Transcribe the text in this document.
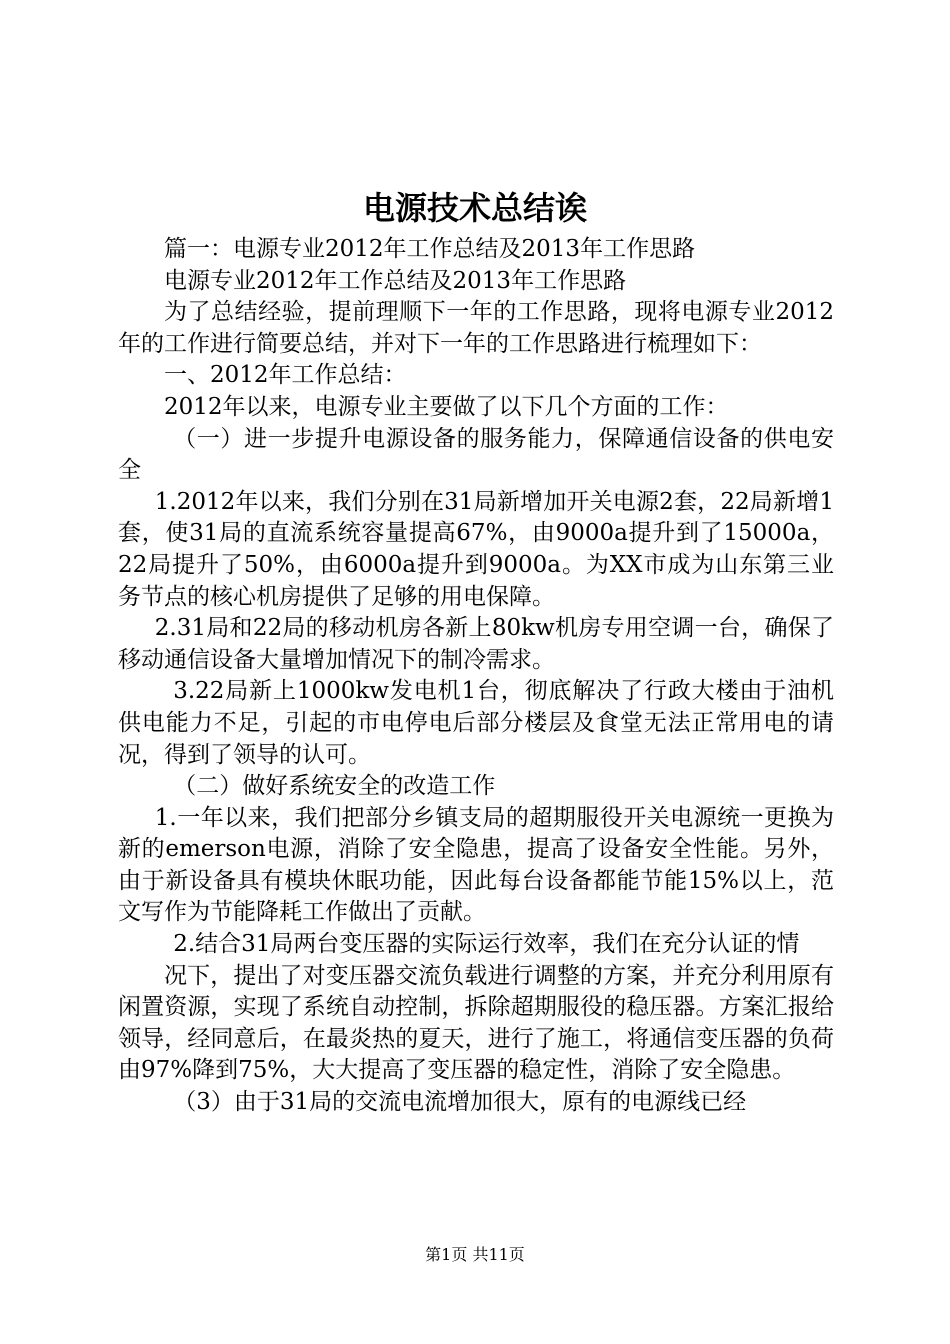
电源技术总结诶

篇一：电源专业2012年工作总结及2013年工作思路

电源专业2012年工作总结及2013年工作思路

为了总结经验，提前理顺下一年的工作思路，现将电源专业2012年的工作进行简要总结，并对下一年的工作思路进行梳理如下：

一、2012年工作总结：

2012年以来，电源专业主要做了以下几个方面的工作：

（一）进一步提升电源设备的服务能力，保障通信设备的供电安全

1.2012年以来，我们分别在31局新增加开关电源2套，22局新增1套，使31局的直流系统容量提高67%，由9000a提升到了15000a，22局提升了50%，由6000a提升到9000a。为XX市成为山东第三业务节点的核心机房提供了足够的用电保障。

2.31局和22局的移动机房各新上80kw机房专用空调一台，确保了移动通信设备大量增加情况下的制冷需求。

3.22局新上1000kw发电机1台，彻底解决了行政大楼由于油机供电能力不足，引起的市电停电后部分楼层及食堂无法正常用电的请况，得到了领导的认可。

（二）做好系统安全的改造工作

1.一年以来，我们把部分乡镇支局的超期服役开关电源统一更换为新的emerson电源，消除了安全隐患，提高了设备安全性能。另外，由于新设备具有模块休眠功能，因此每台设备都能节能15%以上，范文写作为节能降耗工作做出了贡献。

2.结合31局两台变压器的实际运行效率，我们在充分认证的情

况下，提出了对变压器交流负载进行调整的方案，并充分利用原有闲置资源，实现了系统自动控制，拆除超期服役的稳压器。方案汇报给领导，经同意后，在最炎热的夏天，进行了施工，将通信变压器的负荷由97%降到75%，大大提高了变压器的稳定性，消除了安全隐患。

（3）由于31局的交流电流增加很大，原有的电源线已经

第1页 共11页
